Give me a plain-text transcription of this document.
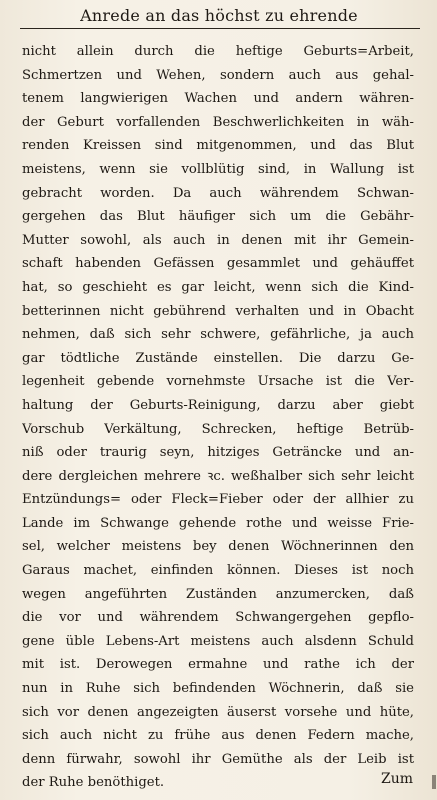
Anrede an das höchst zu ehrende
nicht allein durch die heftige Geburts=Arbeit,
Schmertzen und Wehen, sondern auch aus gehal-
tenem langwierigen Wachen und andern währen-
der Geburt vorfallenden Beschwerlichkeiten in wäh-
renden Kreissen sind mitgenommen, und das Blut
meistens, wenn sie vollblütig sind, in Wallung ist
gebracht worden. Da auch währendem Schwan-
gergehen das Blut häufiger sich um die Gebähr-
Mutter sowohl, als auch in denen mit ihr Gemein-
schaft habenden Gefässen gesammlet und gehäuffet
hat, so geschieht es gar leicht, wenn sich die Kind-
betterinnen nicht gebührend verhalten und in Obacht
nehmen, daß sich sehr schwere, gefährliche, ja auch
gar tödtliche Zustände einstellen. Die darzu Ge-
legenheit gebende vornehmste Ursache ist die Ver-
haltung der Geburts-Reinigung, darzu aber giebt
Vorschub Verkältung, Schrecken, heftige Betrüb-
niß oder traurig seyn, hitziges Geträncke und an-
dere dergleichen mehrere ꝛc. weßhalber sich sehr leicht
Entzündungs= oder Fleck=Fieber oder der allhier zu
Lande im Schwange gehende rothe und weisse Frie-
sel, welcher meistens bey denen Wöchnerinnen den
Garaus machet, einfinden können. Dieses ist noch
wegen angeführten Zuständen anzumercken, daß
die vor und währendem Schwangergehen gepflo-
gene üble Lebens-Art meistens auch alsdenn Schuld
mit ist. Derowegen ermahne und rathe ich der
nun in Ruhe sich befindenden Wöchnerin, daß sie
sich vor denen angezeigten äuserst vorsehe und hüte,
sich auch nicht zu frühe aus denen Federn mache,
denn fürwahr, sowohl ihr Gemüthe als der Leib ist
der Ruhe benöthiget.	Zum
